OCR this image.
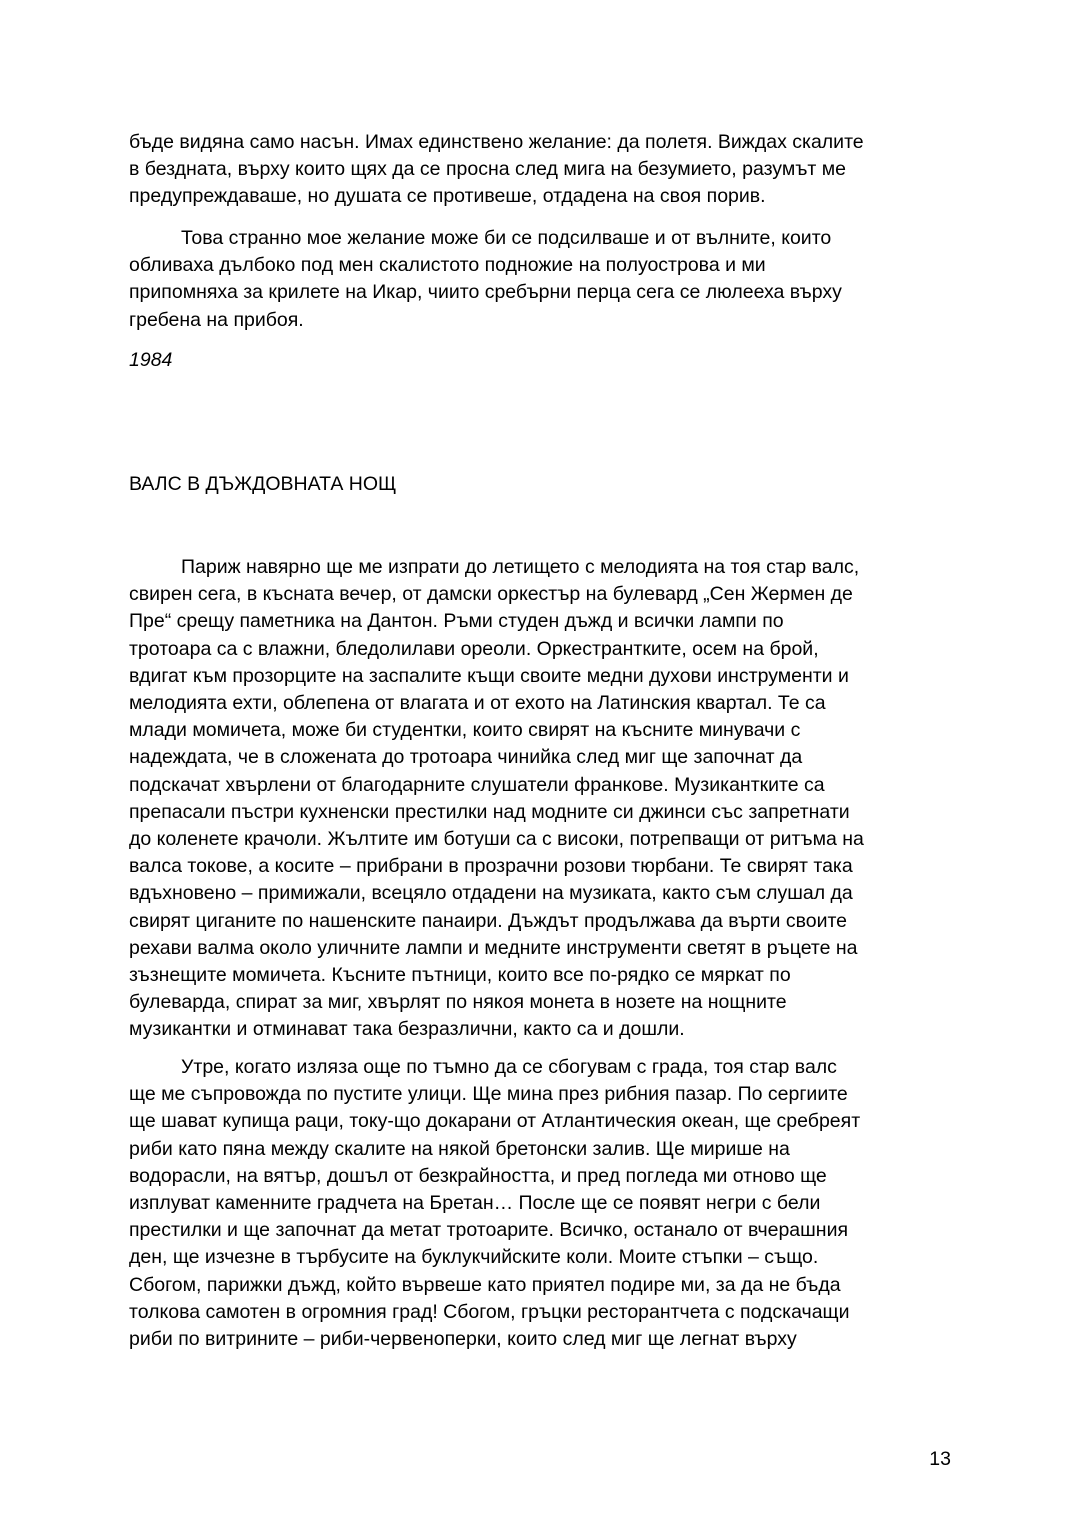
бъде видяна само насън. Имах единствено желание: да полетя. Виждах скалите
в бездната, върху които щях да се просна след мига на безумието, разумът ме
предупреждаваше, но душата се противеше, отдадена на своя порив.
Това странно мое желание може би се подсилваше и от вълните, които
обливаха дълбоко под мен скалистото подножие на полуострова и ми
припомняха за крилете на Икар, чиито сребърни перца сега се люлееха върху
гребена на прибоя.
1984
ВАЛС В ДЪЖДОВНАТА НОЩ
Париж навярно ще ме изпрати до летището с мелодията на тоя стар валс,
свирен сега, в късната вечер, от дамски оркестър на булевард „Сен Жермен де
Пре“ срещу паметника на Дантон. Ръми студен дъжд и всички лампи по
тротоара са с влажни, бледолилави ореоли. Оркестрантките, осем на брой,
вдигат към прозорците на заспалите къщи своите медни духови инструменти и
мелодията ехти, облепена от влагата и от ехото на Латинския квартал. Те са
млади момичета, може би студентки, които свирят на късните минувачи с
надеждата, че в сложената до тротоара чинийка след миг ще започнат да
подскачат хвърлени от благодарните слушатели франкове. Музикантките са
препасали пъстри кухненски престилки над модните си джинси със запретнати
до коленете крачоли. Жълтите им ботуши са с високи, потрепващи от ритъма на
валса токове, а косите – прибрани в прозрачни розови тюрбани. Те свирят така
вдъхновено – примижали, всецяло отдадени на музиката, както съм слушал да
свирят циганите по нашенските панаири. Дъждът продължава да върти своите
рехави валма около уличните лампи и медните инструменти светят в ръцете на
зъзнещите момичета. Късните пътници, които все по-рядко се мяркат по
булеварда, спират за миг, хвърлят по някоя монета в нозете на нощните
музикантки и отминават така безразлични, както са и дошли.
Утре, когато изляза още по тъмно да се сбогувам с града, тоя стар валс
ще ме съпровожда по пустите улици. Ще мина през рибния пазар. По сергиите
ще шават купища раци, току-що докарани от Атлантическия океан, ще сребреят
риби като пяна между скалите на някой бретонски залив. Ще мирише на
водорасли, на вятър, дошъл от безкрайността, и пред погледа ми отново ще
изплуват каменните градчета на Бретан… После ще се появят негри с бели
престилки и ще започнат да метат тротоарите. Всичко, останало от вчерашния
ден, ще изчезне в търбусите на буклукчийските коли. Моите стъпки – също.
Сбогом, парижки дъжд, който вървеше като приятел подире ми, за да не бъда
толкова самотен в огромния град! Сбогом, гръцки ресторантчета с подскачащи
риби по витрините – риби-червеноперки, които след миг ще легнат върху
13
